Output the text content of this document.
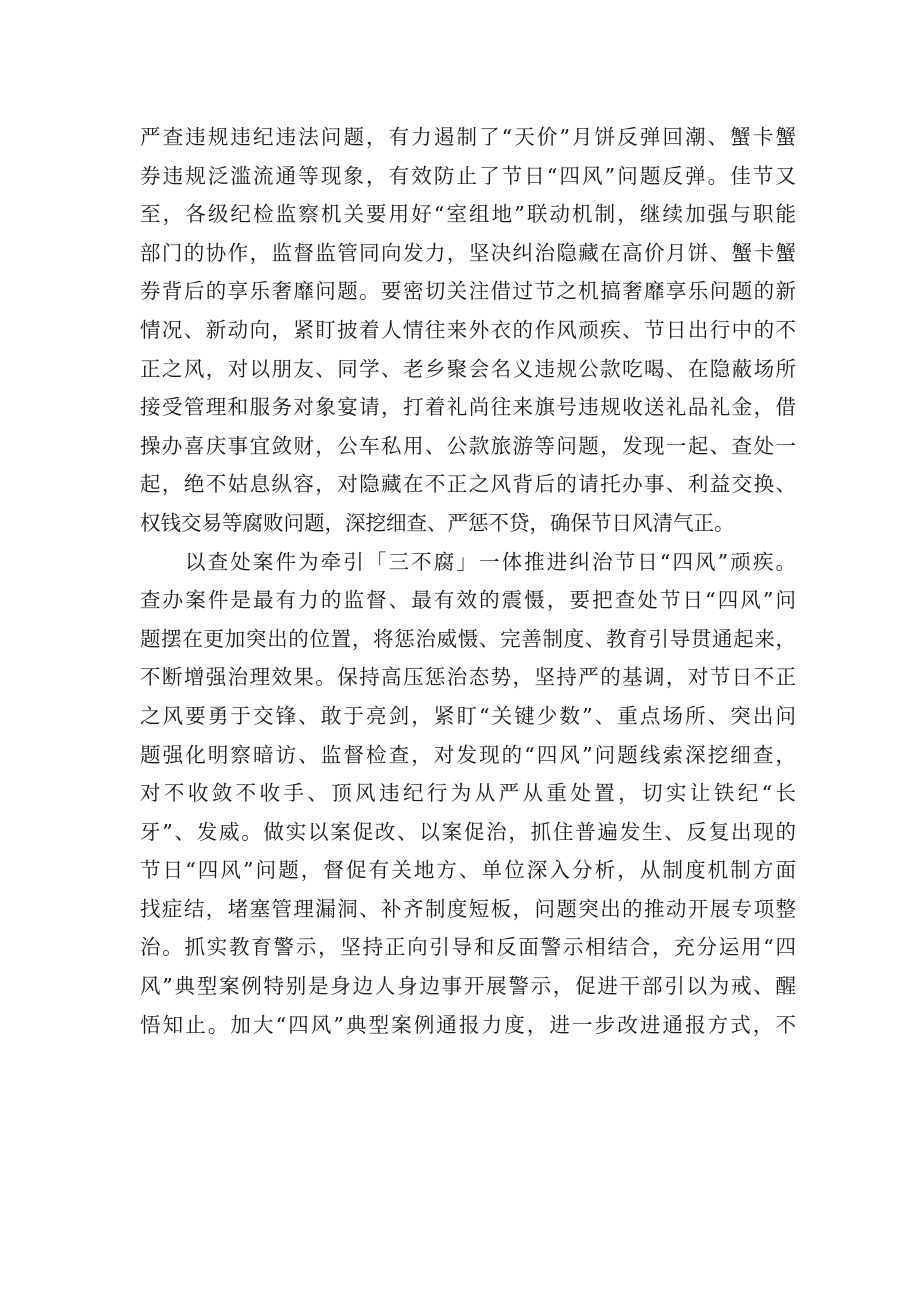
严查违规违纪违法问题，有力遏制了“天价”月饼反弹回潮、蟹卡蟹
券违规泛滥流通等现象，有效防止了节日“四风”问题反弹。佳节又
至，各级纪检监察机关要用好“室组地”联动机制，继续加强与职能
部门的协作，监督监管同向发力，坚决纠治隐藏在高价月饼、蟹卡蟹
券背后的享乐奢靡问题。要密切关注借过节之机搞奢靡享乐问题的新
情况、新动向，紧盯披着人情往来外衣的作风顽疾、节日出行中的不
正之风，对以朋友、同学、老乡聚会名义违规公款吃喝、在隐蔽场所
接受管理和服务对象宴请，打着礼尚往来旗号违规收送礼品礼金，借
操办喜庆事宜敛财，公车私用、公款旅游等问题，发现一起、查处一
起，绝不姑息纵容，对隐藏在不正之风背后的请托办事、利益交换、
权钱交易等腐败问题，深挖细查、严惩不贷，确保节日风清气正。
以查处案件为牵引「三不腐」一体推进纠治节日“四风”顽疾。
查办案件是最有力的监督、最有效的震慑，要把查处节日“四风”问
题摆在更加突出的位置，将惩治威慑、完善制度、教育引导贯通起来，
不断增强治理效果。保持高压惩治态势，坚持严的基调，对节日不正
之风要勇于交锋、敢于亮剑，紧盯“关键少数”、重点场所、突出问
题强化明察暗访、监督检查，对发现的“四风”问题线索深挖细查，
对不收敛不收手、顶风违纪行为从严从重处置，切实让铁纪“长
牙”、发威。做实以案促改、以案促治，抓住普遍发生、反复出现的
节日“四风”问题，督促有关地方、单位深入分析，从制度机制方面
找症结，堵塞管理漏洞、补齐制度短板，问题突出的推动开展专项整
治。抓实教育警示，坚持正向引导和反面警示相结合，充分运用“四
风”典型案例特别是身边人身边事开展警示，促进干部引以为戒、醒
悟知止。加大“四风”典型案例通报力度，进一步改进通报方式，不
